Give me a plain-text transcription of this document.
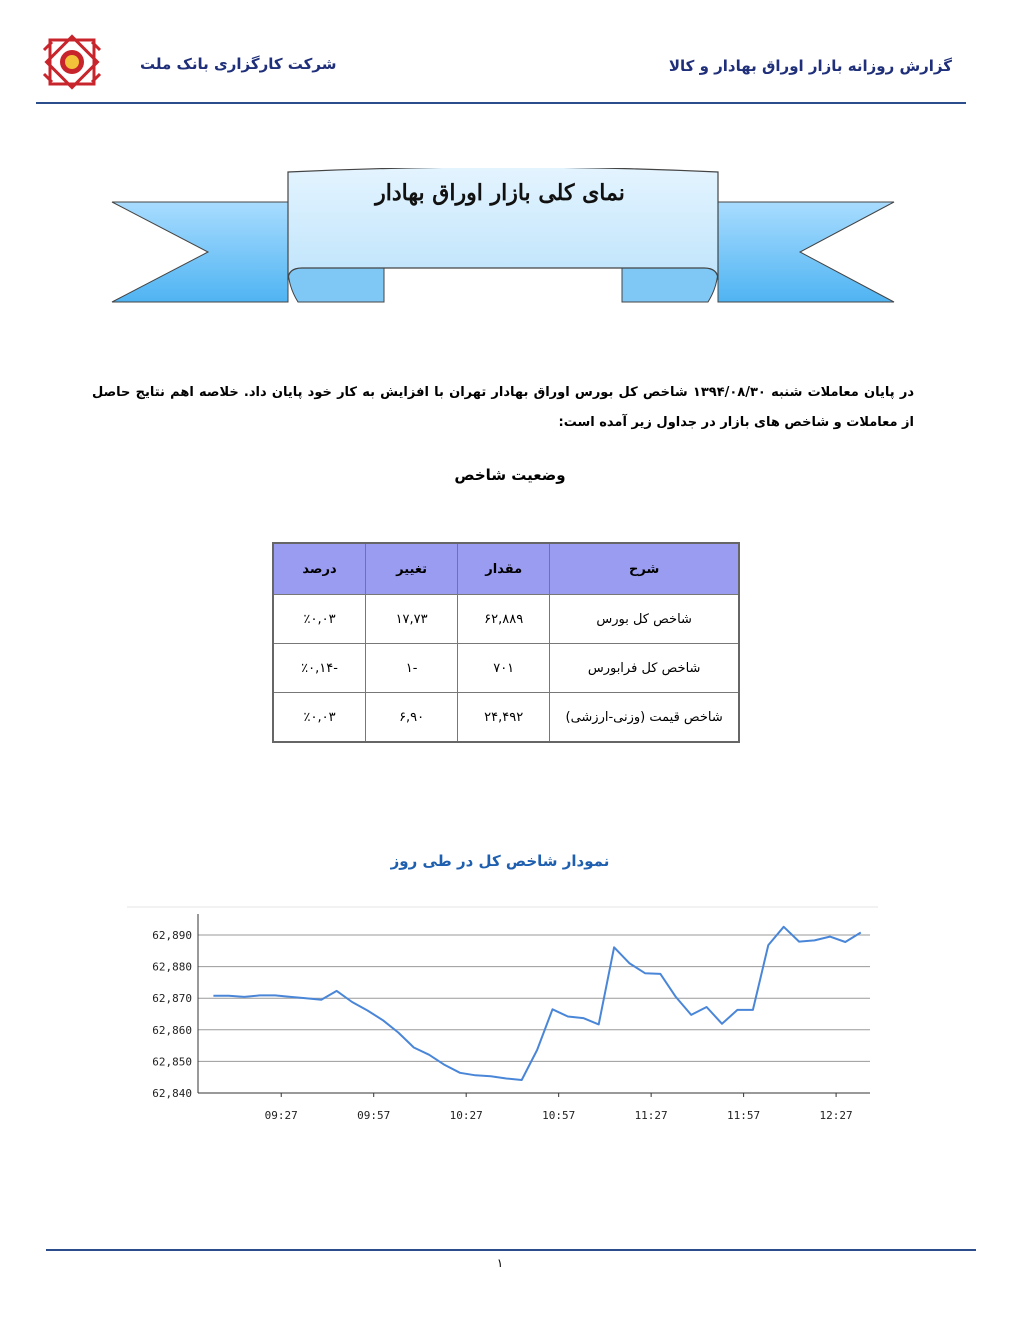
شرکت کارگزاری بانک ملت	گزارش روزانه بازار اوراق بهادار و کالا
نمای کلی بازار اوراق بهادار
در پایان معاملات شنبه ۱۳۹۴/۰۸/۳۰ شاخص کل بورس اوراق بهادار تهران با افزایش به کار خود پایان داد. خلاصه اهم نتایج حاصل از معاملات و شاخص های بازار در جداول زیر آمده است:
وضعیت شاخص
شرح	مقدار	تغییر	درصد
شاخص کل بورس	۶۲,۸۸۹	۱۷,۷۳	٪۰,۰۳
شاخص کل فرابورس	۷۰۱	-۱	-٪۰,۱۴
شاخص قیمت (وزنی-ارزشی)	۲۴,۴۹۲	۶,۹۰	٪۰,۰۳
نمودار شاخص کل در طی روز
62,890
62,880
62,870
62,860
62,850
62,840
09:27	09:57	10:27	10:57	11:27	11:57	12:27
۱
